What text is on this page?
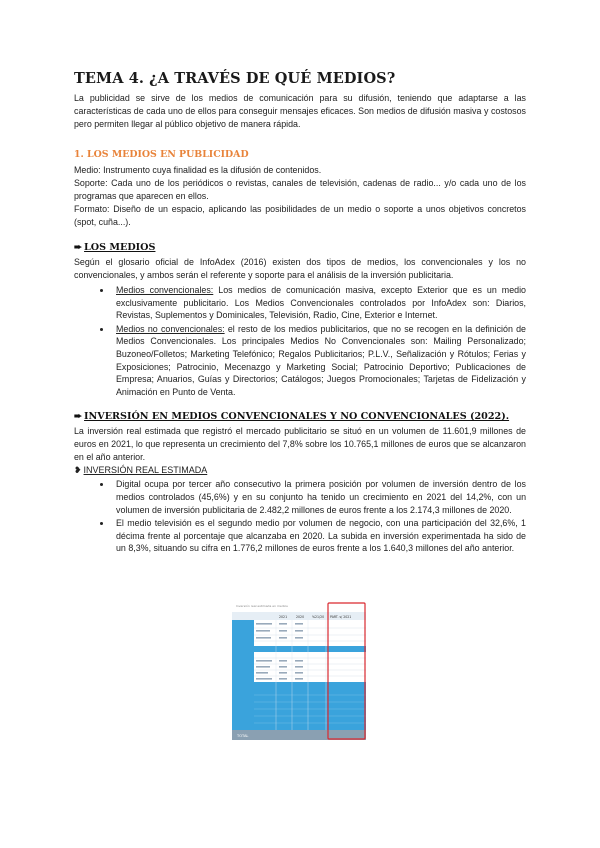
TEMA 4. ¿A TRAVÉS DE QUÉ MEDIOS?

La publicidad se sirve de los medios de comunicación para su difusión, teniendo que adaptarse a las características de cada uno de ellos para conseguir mensajes eficaces. Son medios de difusión masiva y costosos pero permiten llegar al público objetivo de manera rápida.

1. LOS MEDIOS EN PUBLICIDAD

Medio: Instrumento cuya finalidad es la difusión de contenidos.

Soporte: Cada uno de los periódicos o revistas, canales de televisión, cadenas de radio... y/o cada uno de los programas que aparecen en ellos.

Formato: Diseño de un espacio, aplicando las posibilidades de un medio o soporte a unos objetivos concretos (spot, cuña...).

➨ LOS MEDIOS

Según el glosario oficial de InfoAdex (2016) existen dos tipos de medios, los convencionales y los no convencionales, y ambos serán el referente y soporte para el análisis de la inversión publicitaria.

• Medios convencionales: Los medios de comunicación masiva, excepto Exterior que es un medio exclusivamente publicitario. Los Medios Convencionales controlados por InfoAdex son: Diarios, Revistas, Suplementos y Dominicales, Televisión, Radio, Cine, Exterior e Internet.
• Medios no convencionales: el resto de los medios publicitarios, que no se recogen en la definición de Medios Convencionales. Los principales Medios No Convencionales son: Mailing Personalizado; Buzoneo/Folletos; Marketing Telefónico; Regalos Publicitarios; P.L.V., Señalización y Rótulos; Ferias y Exposiciones; Patrocinio, Mecenazgo y Marketing Social; Patrocinio Deportivo; Publicaciones de Empresa; Anuarios, Guías y Directorios; Catálogos; Juegos Promocionales; Tarjetas de Fidelización y Animación en Punto de Venta.
➨ INVERSIÓN EN MEDIOS CONVENCIONALES Y NO CONVENCIONALES (2022).

La inversión real estimada que registró el mercado publicitario se situó en un volumen de 11.601,9 millones de euros en 2021, lo que representa un crecimiento del 7,8% sobre los 10.765,1 millones de euros que se alcanzaron en el año anterior.

❥ INVERSIÓN REAL ESTIMADA
• Digital ocupa por tercer año consecutivo la primera posición por volumen de inversión dentro de los medios controlados (45,6%) y en su conjunto ha tenido un crecimiento en 2021 del 14,2%, con un volumen de inversión publicitaria de 2.482,2 millones de euros frente a los 2.174,3 millones de 2020.
• El medio televisión es el segundo medio por volumen de negocio, con una participación del 32,6%, 1 décima frente al porcentaje que alcanzaba en 2020. La subida en inversión experimentada ha sido de un 8,3%, situando su cifra en 1.776,2 millones de euros frente a los 1.640,3 millones del año anterior.
Inversión real estimada en medios
2021	2020 %21/20 PART. s/ 2021
TOTAL
